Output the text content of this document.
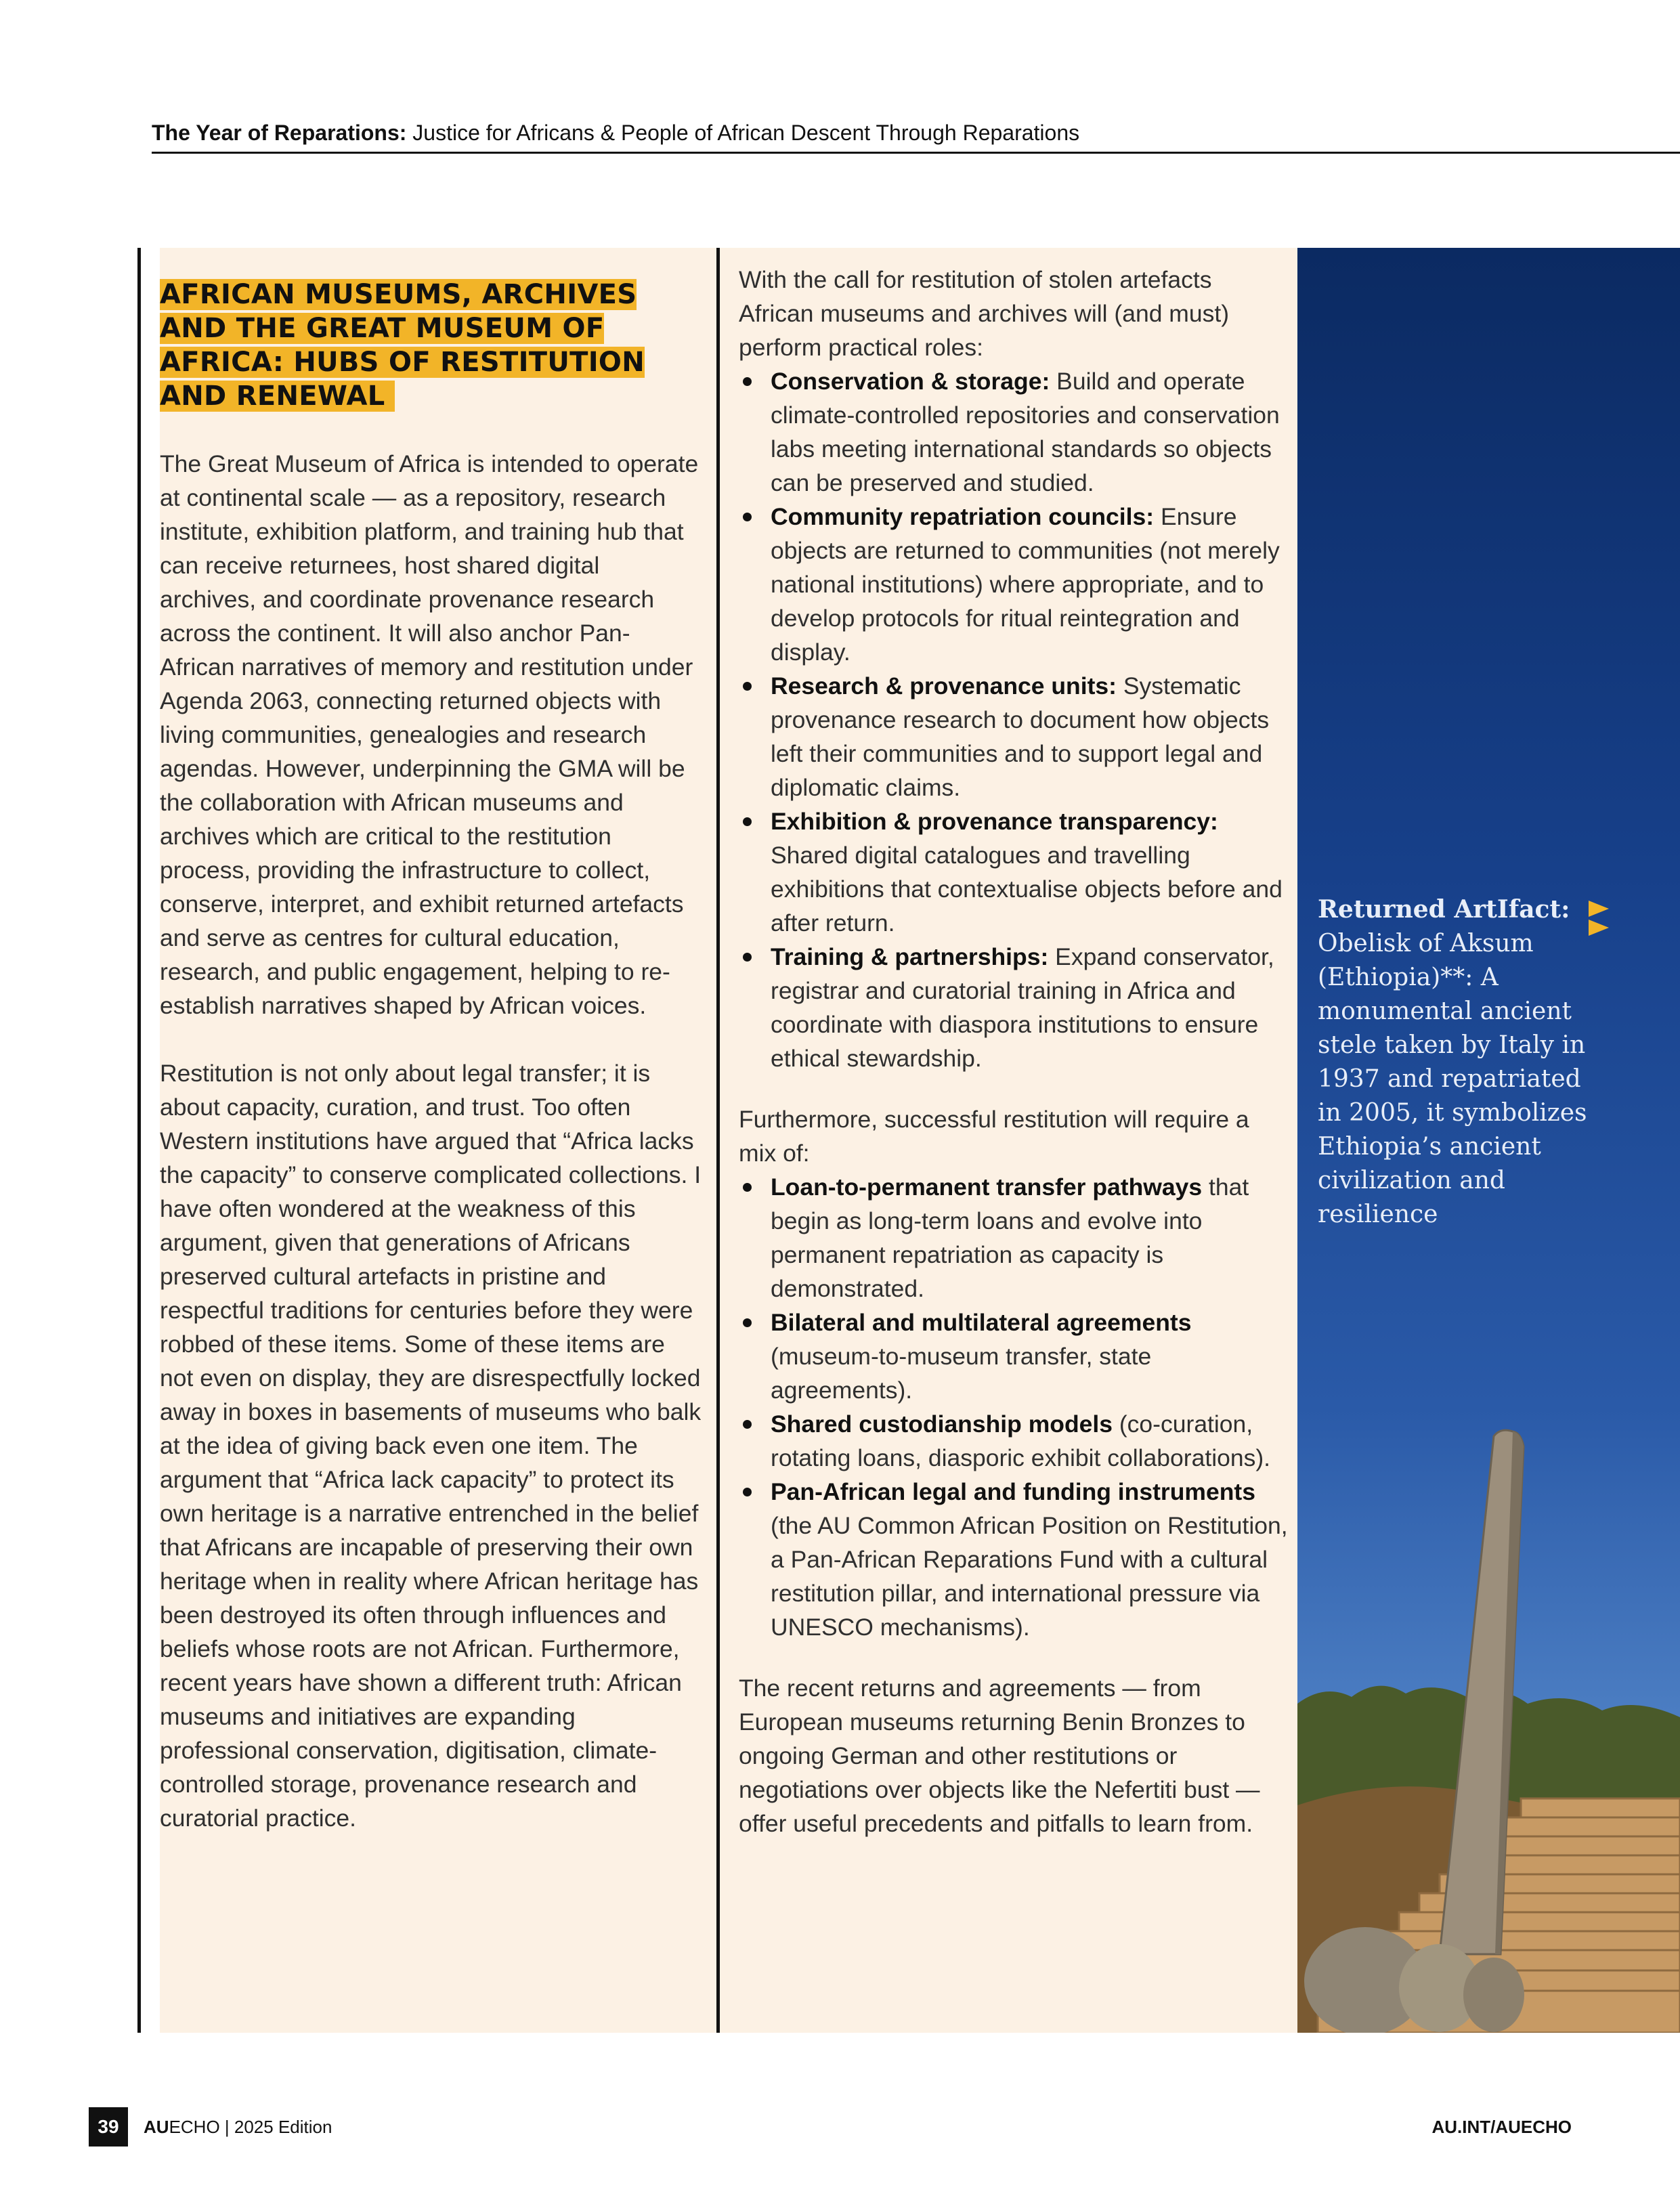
The Year of Reparations: Justice for Africans & People of African Descent Through Reparations
AFRICAN MUSEUMS, ARCHIVES AND THE GREAT MUSEUM OF AFRICA: HUBS OF RESTITUTION AND RENEWAL

The Great Museum of Africa is intended to operate at continental scale — as a repository, research institute, exhibition platform, and training hub that can receive returnees, host shared digital archives, and coordinate provenance research across the continent. It will also anchor Pan-African narratives of memory and restitution under Agenda 2063, connecting returned objects with living communities, genealogies and research agendas. However, underpinning the GMA will be the collaboration with African museums and archives which are critical to the restitution process, providing the infrastructure to collect, conserve, interpret, and exhibit returned artefacts and serve as centres for cultural education, research, and public engagement, helping to re-establish narratives shaped by African voices.

Restitution is not only about legal transfer; it is about capacity, curation, and trust. Too often Western institutions have argued that “Africa lacks the capacity” to conserve complicated collections. I have often wondered at the weakness of this argument, given that generations of Africans preserved cultural artefacts in pristine and respectful traditions for centuries before they were robbed of these items. Some of these items are not even on display, they are disrespectfully locked away in boxes in basements of museums who balk at the idea of giving back even one item. The argument that “Africa lack capacity” to protect its own heritage is a narrative entrenched in the belief that Africans are incapable of preserving their own heritage when in reality where African heritage has been destroyed its often through influences and beliefs whose roots are not African. Furthermore, recent years have shown a different truth: African museums and initiatives are expanding professional conservation, digitisation, climate-controlled storage, provenance research and curatorial practice.

With the call for restitution of stolen artefacts African museums and archives will (and must) perform practical roles:

Conservation & storage: Build and operate climate-controlled repositories and conservation labs meeting international standards so objects can be preserved and studied.
Community repatriation councils: Ensure objects are returned to communities (not merely national institutions) where appropriate, and to develop protocols for ritual reintegration and display.
Research & provenance units: Systematic provenance research to document how objects left their communities and to support legal and diplomatic claims.
Exhibition & provenance transparency: Shared digital catalogues and travelling exhibitions that contextualise objects before and after return.
Training & partnerships: Expand conservator, registrar and curatorial training in Africa and coordinate with diaspora institutions to ensure ethical stewardship.

Furthermore, successful restitution will require a mix of:

Loan-to-permanent transfer pathways that begin as long-term loans and evolve into permanent repatriation as capacity is demonstrated.
Bilateral and multilateral agreements (museum-to-museum transfer, state agreements).
Shared custodianship models (co-curation, rotating loans, diasporic exhibit collaborations).
Pan-African legal and funding instruments (the AU Common African Position on Restitution, a Pan-African Reparations Fund with a cultural restitution pillar, and international pressure via UNESCO mechanisms).

The recent returns and agreements — from European museums returning Benin Bronzes to ongoing German and other restitutions or negotiations over objects like the Nefertiti bust — offer useful precedents and pitfalls to learn from.

Returned ArtIfact: Obelisk of Aksum (Ethiopia)**: A monumental ancient stele taken by Italy in 1937 and repatriated in 2005, it symbolizes Ethiopia’s ancient civilization and resilience
39	AUECHO | 2025 Edition	AU.INT/AUECHO
